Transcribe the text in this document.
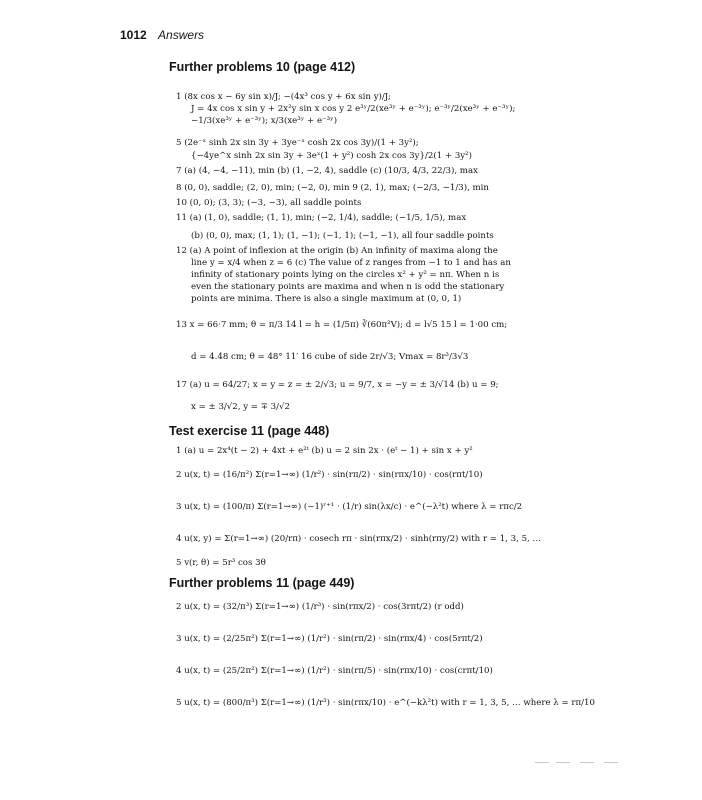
1012 Answers
Further problems 10 (page 412)
1 (8x cos x − 6y sin x)/J; −(4x³ cos y + 6x sin y)/J;
J = 4x cos x sin y + 2x²y sin x cos y 2 e³ʸ/2(xe³ʸ + e⁻³ʸ); e⁻³ʸ/2(xe³ʸ + e⁻³ʸ);
−1/3(xe³ʸ + e⁻³ʸ); x/3(xe³ʸ + e⁻³ʸ)
5 (2e⁻ˣ sinh 2x sin 3y + 3ye⁻ˣ cosh 2x cos 3y)/(1 + 3y²);
{−4ye^x sinh 2x sin 3y + 3eˣ(1 + y²) cosh 2x cos 3y}/2(1 + 3y²)
7 (a) (4, −4, −11), min (b) (1, −2, 4), saddle (c) (10/3, 4/3, 22/3), max
8 (0, 0), saddle; (2, 0), min; (−2, 0), min 9 (2, 1), max; (−2/3, −1/3), min
10 (0, 0); (3, 3); (−3, −3), all saddle points
11 (a) (1, 0), saddle; (1, 1), min; (−2, 1/4), saddle; (−1/5, 1/5), max
(b) (0, 0), max; (1, 1); (1, −1); (−1, 1); (−1, −1), all four saddle points
12 (a) A point of inflexion at the origin (b) An infinity of maxima along the
line y = x/4 when z = 6 (c) The value of z ranges from −1 to 1 and has an
infinity of stationary points lying on the circles x² + y² = nπ. When n is
even the stationary points are maxima and when n is odd the stationary
points are minima. There is also a single maximum at (0, 0, 1)
13 x = 66·7 mm; θ = π/3 14 l = h = (1/5π) ∛(60π²V); d = l√5 15 l = 1·00 cm;
d = 4.48 cm; θ = 48° 11′ 16 cube of side 2r/√3; Vmax = 8r³/3√3
17 (a) u = 64/27; x = y = z = ± 2/√3; u = 9/7, x = −y = ± 3/√14 (b) u = 9;
x = ± 3/√2, y = ∓ 3/√2
Test exercise 11 (page 448)
1 (a) u = 2x⁴(t − 2) + 4xt + e²ᵗ (b) u = 2 sin 2x · (eᵗ − 1) + sin x + y²
2 u(x, t) = (16/π²) Σ(r=1→∞) (1/r²) · sin(rπ/2) · sin(rπx/10) · cos(rπt/10)
3 u(x, t) = (100/π) Σ(r=1→∞) (−1)ʳ⁺¹ · (1/r) sin(λx/c) · e^(−λ²t) where λ = rπc/2
4 u(x, y) = Σ(r=1→∞) (20/rπ) · cosech rπ · sin(rπx/2) · sinh(rπy/2) with r = 1, 3, 5, …
5 v(r, θ) = 5r³ cos 3θ
Further problems 11 (page 449)
2 u(x, t) = (32/π³) Σ(r=1→∞) (1/r³) · sin(rπx/2) · cos(3rπt/2) (r odd)
3 u(x, t) = (2/25π²) Σ(r=1→∞) (1/r²) · sin(rπ/2) · sin(rπx/4) · cos(5rπt/2)
4 u(x, t) = (25/2π²) Σ(r=1→∞) (1/r²) · sin(rπ/5) · sin(rπx/10) · cos(crπt/10)
5 u(x, t) = (800/π³) Σ(r=1→∞) (1/r³) · sin(rπx/10) · e^(−kλ²t) with r = 1, 3, 5, … where λ = rπ/10
